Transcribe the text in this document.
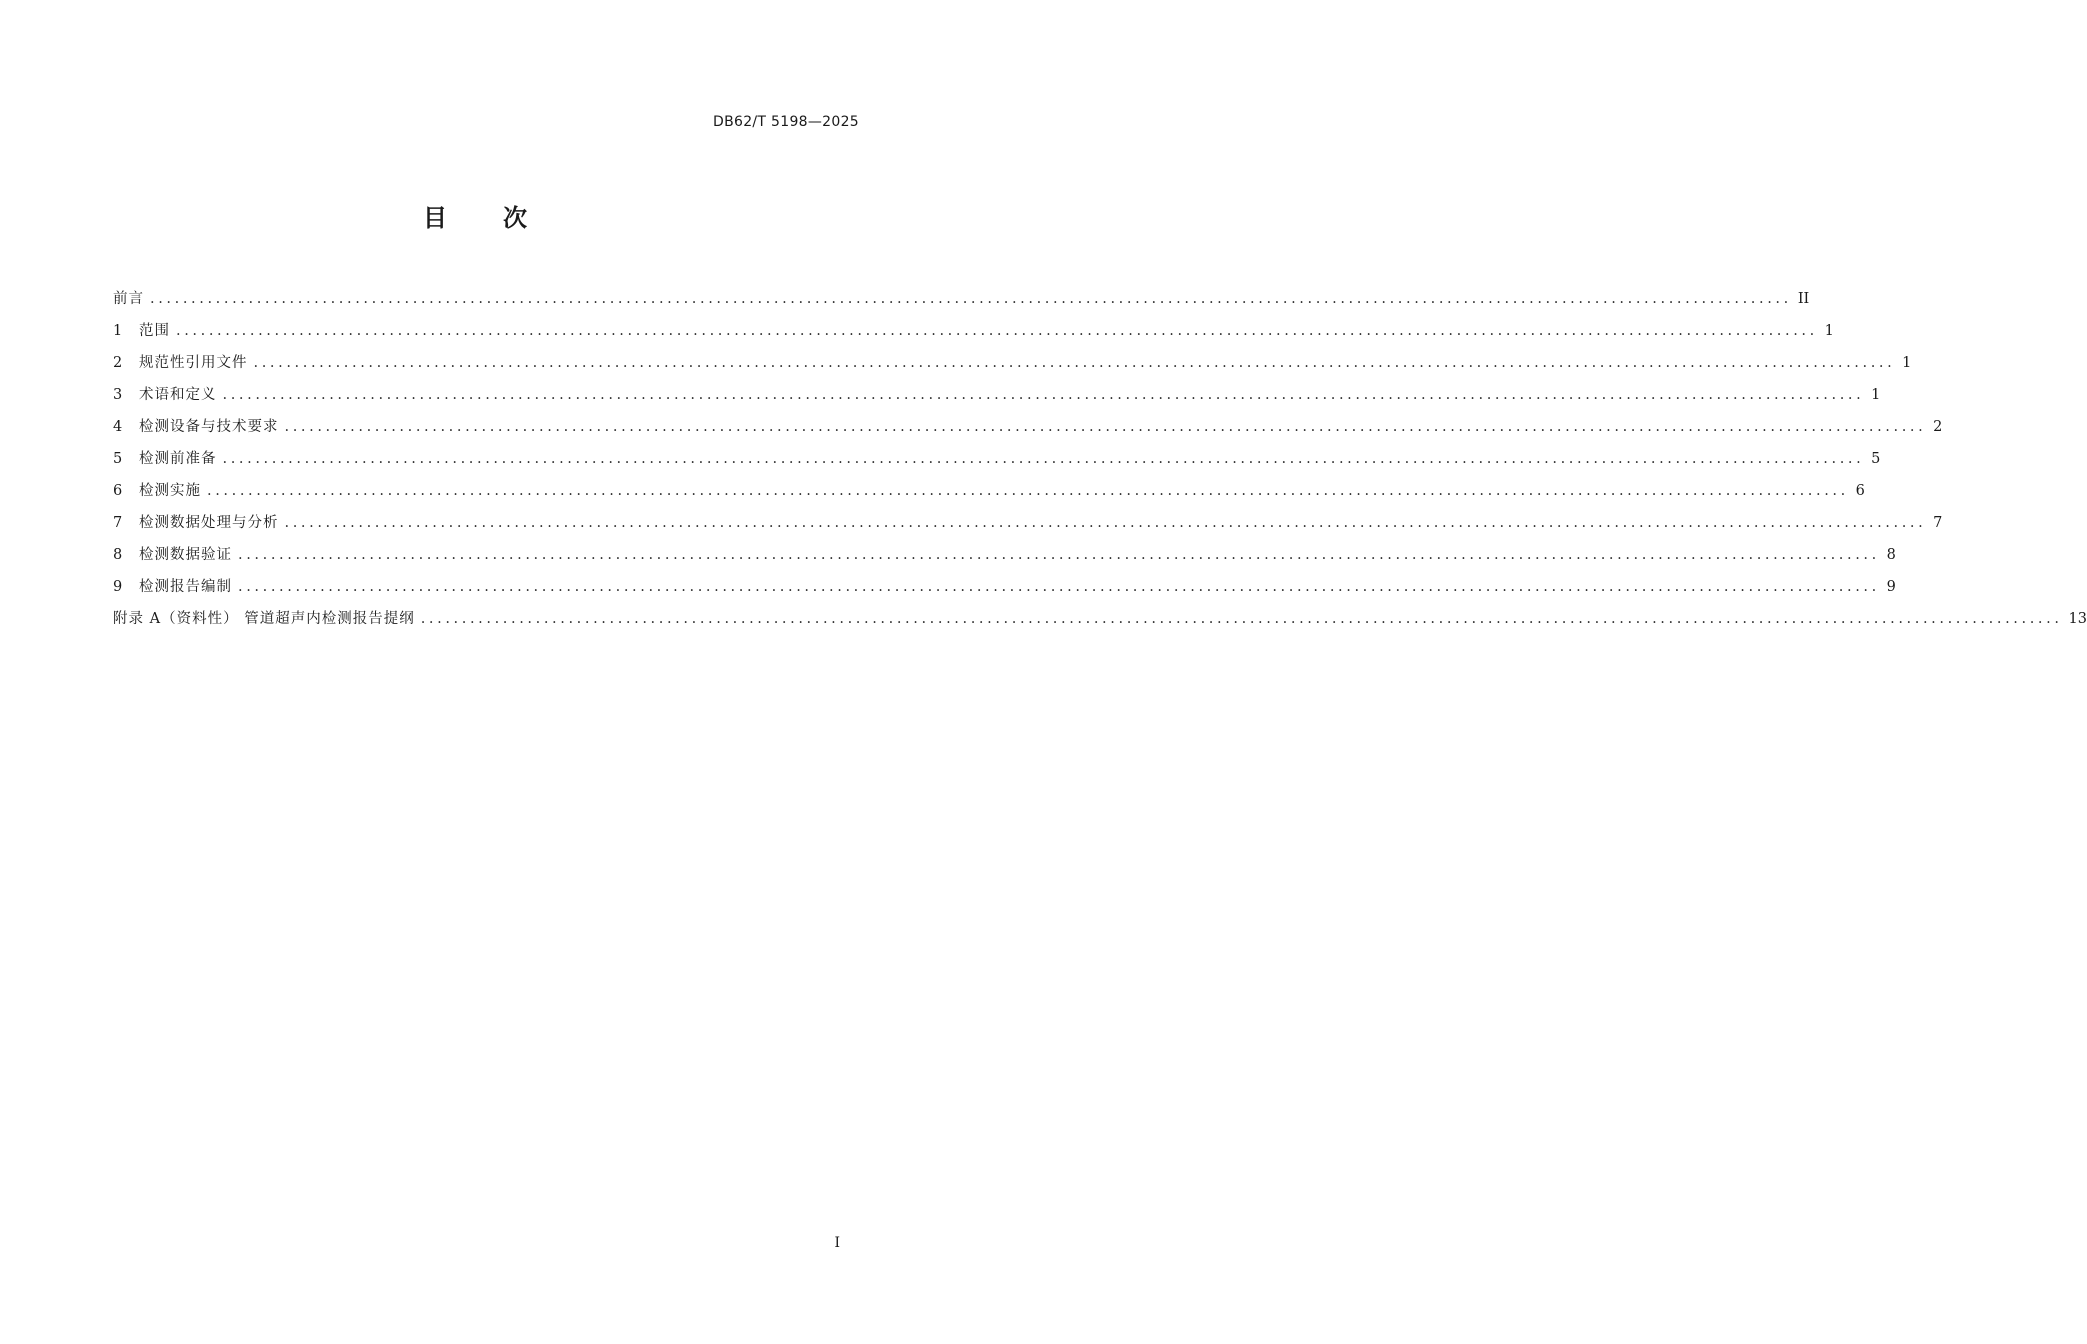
DB62/T 5198—2025
目次
前言 ........................................................................................................................................................................................................ II
1	范围 ........................................................................................................................................................................................................ 1
2	规范性引用文件 ........................................................................................................................................................................................................ 1
3	术语和定义 ........................................................................................................................................................................................................ 1
4	检测设备与技术要求 ........................................................................................................................................................................................................ 2
5	检测前准备 ........................................................................................................................................................................................................ 5
6	检测实施 ........................................................................................................................................................................................................ 6
7	检测数据处理与分析 ........................................................................................................................................................................................................ 7
8	检测数据验证 ........................................................................................................................................................................................................ 8
9	检测报告编制 ........................................................................................................................................................................................................ 9
附录 A（资料性） 管道超声内检测报告提纲 ........................................................................................................................................................................................................ 13
I
